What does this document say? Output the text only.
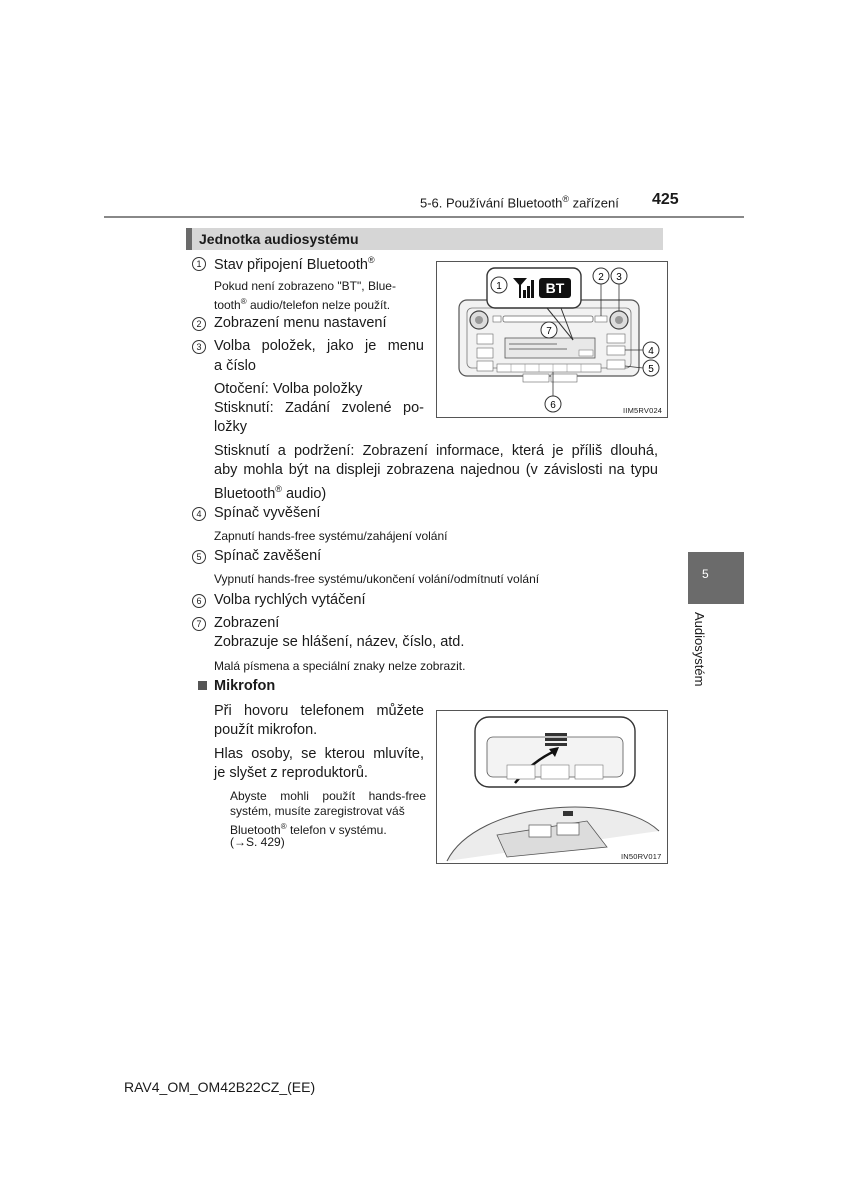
5-6. Používání Bluetooth® zařízení 425
Jednotka audiosystému
1 Stav připojení Bluetooth®
Pokud není zobrazeno "BT", Blue-
tooth® audio/telefon nelze použít.
2 Zobrazení menu nastavení
3 Volba položek, jako je menu
a číslo
Otočení: Volba položky
Stisknutí: Zadání zvolené po-
ložky
Stisknutí a podržení: Zobrazení informace, která je příliš dlouhá,
aby mohla být na displeji zobrazena najednou (v závislosti na typu
Bluetooth® audio)
4 Spínač vyvěšení
Zapnutí hands-free systému/zahájení volání
5 Spínač zavěšení
Vypnutí hands-free systému/ukončení volání/odmítnutí volání
6 Volba rychlých vytáčení
7 Zobrazení
Zobrazuje se hlášení, název, číslo, atd.
Malá písmena a speciální znaky nelze zobrazit.
Mikrofon
Při hovoru telefonem můžete
použít mikrofon.
Hlas osoby, se kterou mluvíte,
je slyšet z reproduktorů.
Abyste mohli použít hands-free
systém, musíte zaregistrovat váš
Bluetooth® telefon v systému.
(→S. 429)
BT
1
2 3
7
4
5
6	IIM5RV024
IN50RV017
5
Audiosystém
RAV4_OM_OM42B22CZ_(EE)
